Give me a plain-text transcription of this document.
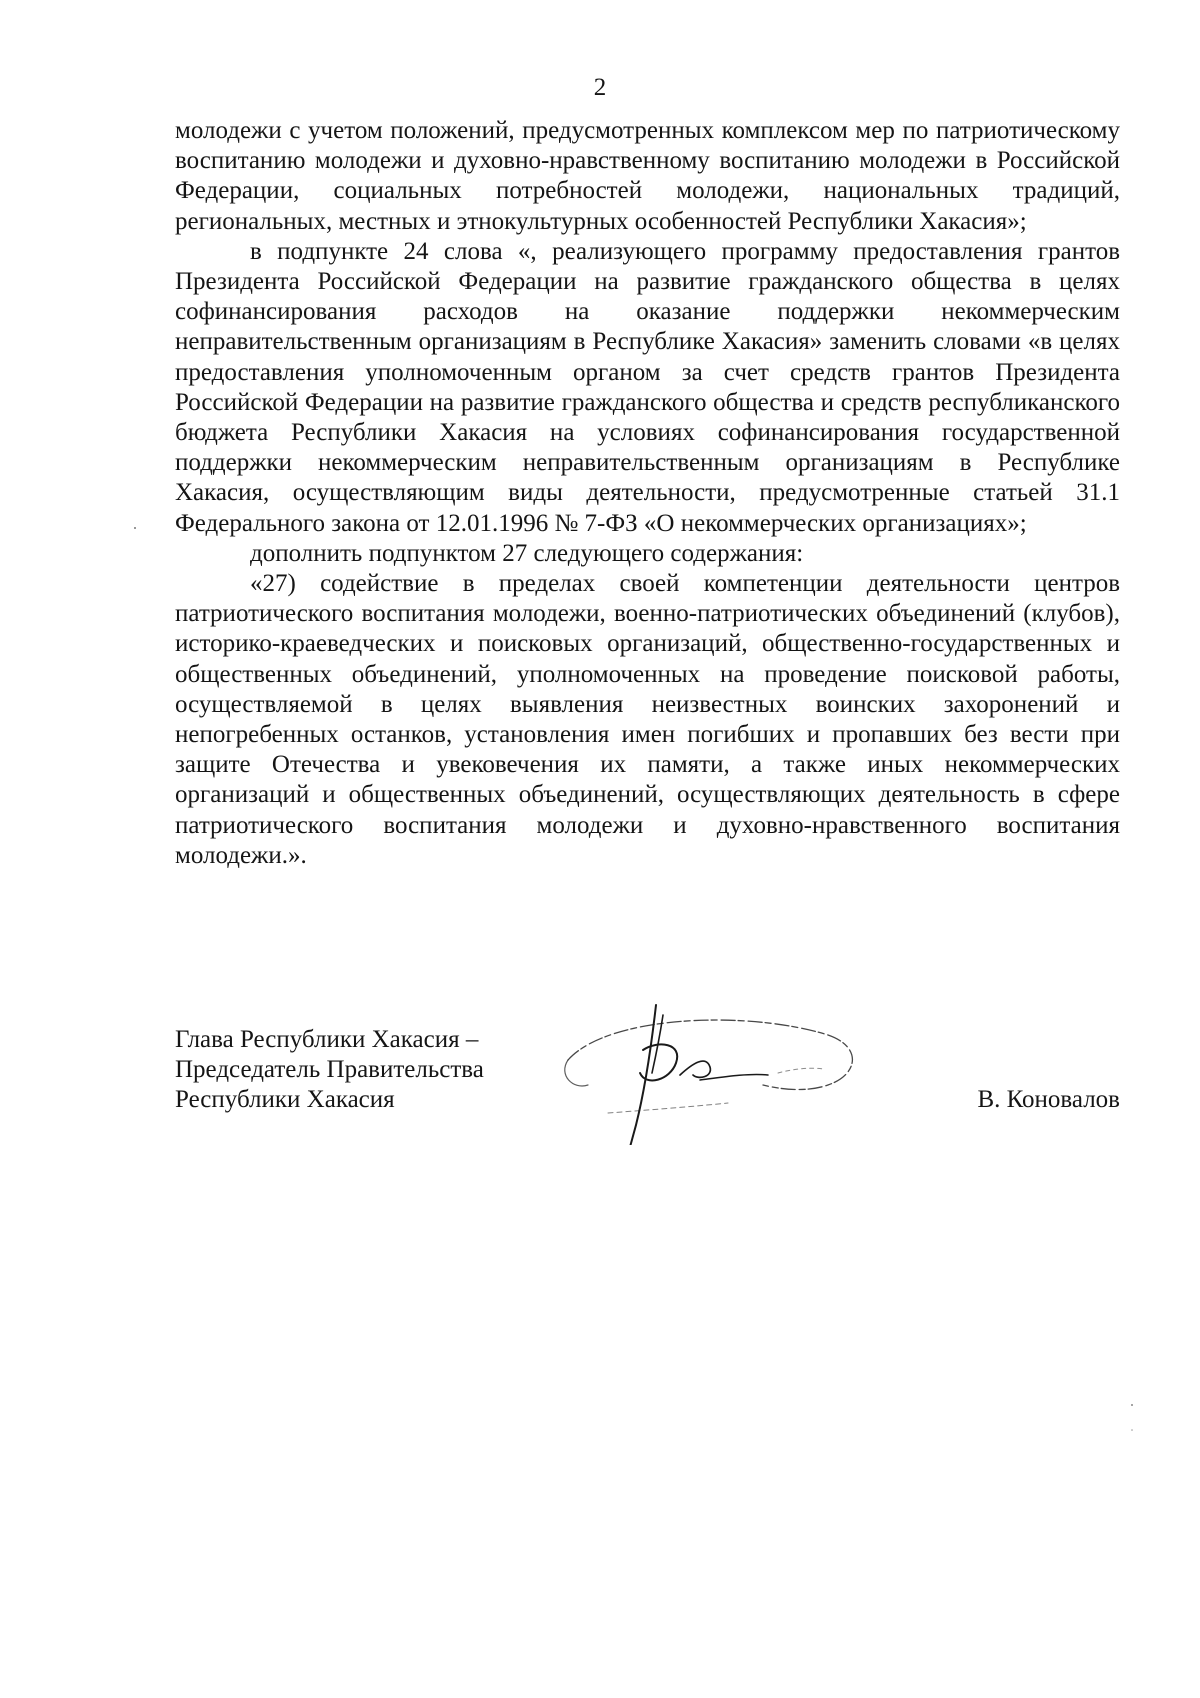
2

молодежи с учетом положений, предусмотренных комплексом мер по патриотическому воспитанию молодежи и духовно-нравственному воспитанию молодежи в Российской Федерации, социальных потребностей молодежи, национальных традиций, региональных, местных и этнокультурных особенностей Республики Хакасия»;

в подпункте 24 слова «, реализующего программу предоставления грантов Президента Российской Федерации на развитие гражданского общества в целях софинансирования расходов на оказание поддержки некоммерческим неправительственным организациям в Республике Хакасия» заменить словами «в целях предоставления уполномоченным органом за счет средств грантов Президента Российской Федерации на развитие гражданского общества и средств республиканского бюджета Республики Хакасия на условиях софинансирования государственной поддержки некоммерческим неправительственным организациям в Республике Хакасия, осуществляющим виды деятельности, предусмотренные статьей 31.1 Федерального закона от 12.01.1996 № 7-ФЗ «О некоммерческих организациях»;

дополнить подпунктом 27 следующего содержания:

«27) содействие в пределах своей компетенции деятельности центров патриотического воспитания молодежи, военно-патриотических объединений (клубов), историко-краеведческих и поисковых организаций, общественно-государственных и общественных объединений, уполномоченных на проведение поисковой работы, осуществляемой в целях выявления неизвестных воинских захоронений и непогребенных останков, установления имен погибших и пропавших без вести при защите Отечества и увековечения их памяти, а также иных некоммерческих организаций и общественных объединений, осуществляющих деятельность в сфере патриотического воспитания молодежи и духовно-нравственного воспитания молодежи.».

Глава Республики Хакасия –
Председатель Правительства
Республики Хакасия	В. Коновалов
